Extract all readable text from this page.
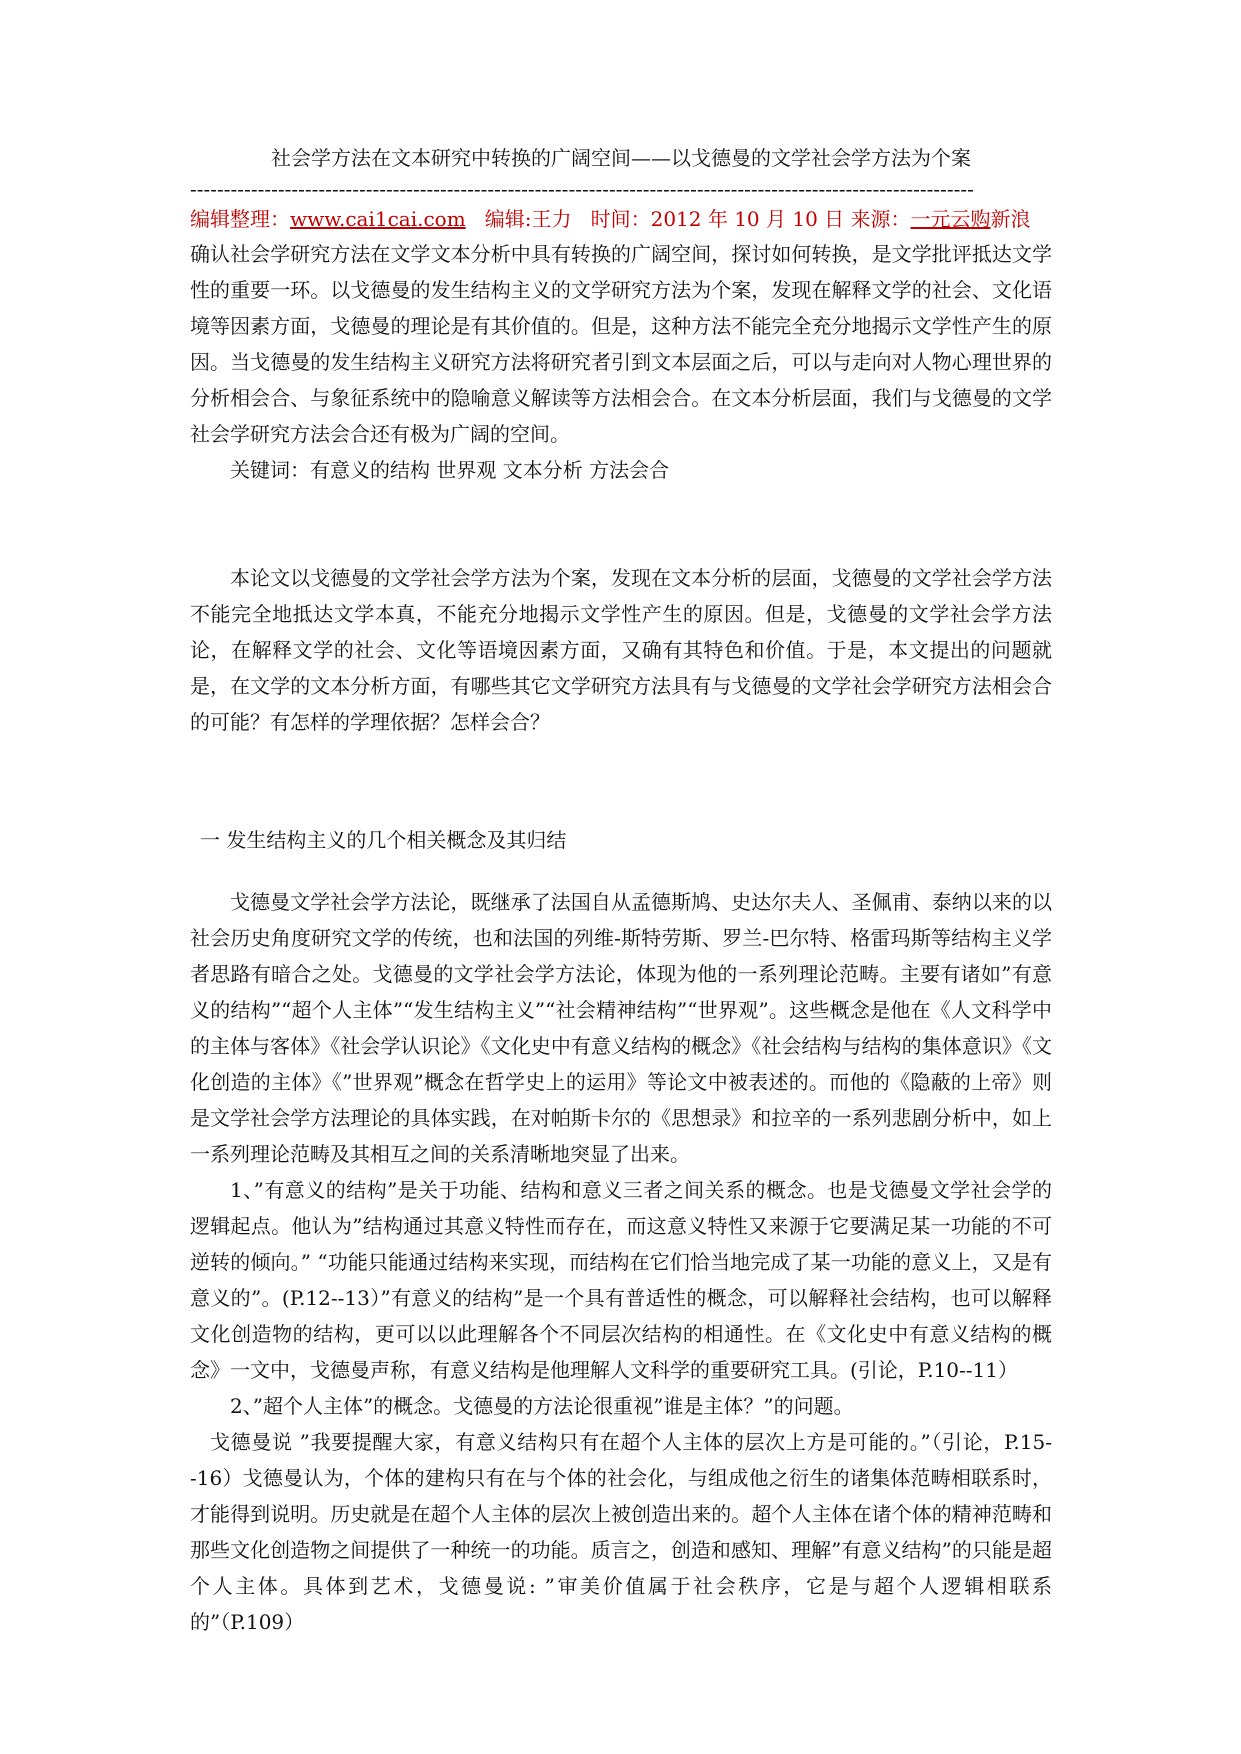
社会学方法在文本研究中转换的广阔空间——以戈德曼的文学社会学方法为个案
--------------------------------------------------------------------------------------------------------------------
编辑整理：www.cai1cai.com 编辑:王力 时间：2012 年 10 月 10 日 来源：一元云购新浪

确认社会学研究方法在文学文本分析中具有转换的广阔空间，探讨如何转换，是文学批评抵达文学性的重要一环。以戈德曼的发生结构主义的文学研究方法为个案，发现在解释文学的社会、文化语境等因素方面，戈德曼的理论是有其价值的。但是，这种方法不能完全充分地揭示文学性产生的原因。当戈德曼的发生结构主义研究方法将研究者引到文本层面之后，可以与走向对人物心理世界的分析相会合、与象征系统中的隐喻意义解读等方法相会合。在文本分析层面，我们与戈德曼的文学社会学研究方法会合还有极为广阔的空间。

关键词：有意义的结构 世界观 文本分析 方法会合

本论文以戈德曼的文学社会学方法为个案，发现在文本分析的层面，戈德曼的文学社会学方法不能完全地抵达文学本真，不能充分地揭示文学性产生的原因。但是，戈德曼的文学社会学方法论，在解释文学的社会、文化等语境因素方面，又确有其特色和价值。于是，本文提出的问题就是，在文学的文本分析方面，有哪些其它文学研究方法具有与戈德曼的文学社会学研究方法相会合的可能？有怎样的学理依据？怎样会合？

一 发生结构主义的几个相关概念及其归结

戈德曼文学社会学方法论，既继承了法国自从孟德斯鸠、史达尔夫人、圣佩甫、泰纳以来的以社会历史角度研究文学的传统，也和法国的列维-斯特劳斯、罗兰-巴尔特、格雷玛斯等结构主义学者思路有暗合之处。戈德曼的文学社会学方法论，体现为他的一系列理论范畴。主要有诸如”有意义的结构”“超个人主体”“发生结构主义”“社会精神结构”“世界观”。这些概念是他在《人文科学中的主体与客体》《社会学认识论》《文化史中有意义结构的概念》《社会结构与结构的集体意识》《文化创造的主体》《”世界观”概念在哲学史上的运用》等论文中被表述的。而他的《隐蔽的上帝》则是文学社会学方法理论的具体实践，在对帕斯卡尔的《思想录》和拉辛的一系列悲剧分析中，如上一系列理论范畴及其相互之间的关系清晰地突显了出来。

1、”有意义的结构”是关于功能、结构和意义三者之间关系的概念。也是戈德曼文学社会学的逻辑起点。他认为”结构通过其意义特性而存在，而这意义特性又来源于它要满足某一功能的不可逆转的倾向。” “功能只能通过结构来实现，而结构在它们恰当地完成了某一功能的意义上，又是有意义的”。(P.12--13）”有意义的结构”是一个具有普适性的概念，可以解释社会结构，也可以解释文化创造物的结构，更可以以此理解各个不同层次结构的相通性。在《文化史中有意义结构的概念》一文中，戈德曼声称，有意义结构是他理解人文科学的重要研究工具。(引论，P.10--11）

2、”超个人主体”的概念。戈德曼的方法论很重视”谁是主体？”的问题。

戈德曼说 ”我要提醒大家，有意义结构只有在超个人主体的层次上方是可能的。”（引论，P.15--16）戈德曼认为，个体的建构只有在与个体的社会化，与组成他之衍生的诸集体范畴相联系时，才能得到说明。历史就是在超个人主体的层次上被创造出来的。超个人主体在诸个体的精神范畴和那些文化创造物之间提供了一种统一的功能。质言之，创造和感知、理解”有意义结构”的只能是超个人主体。具体到艺术，戈德曼说: ”审美价值属于社会秩序，它是与超个人逻辑相联系的”（P.109）
